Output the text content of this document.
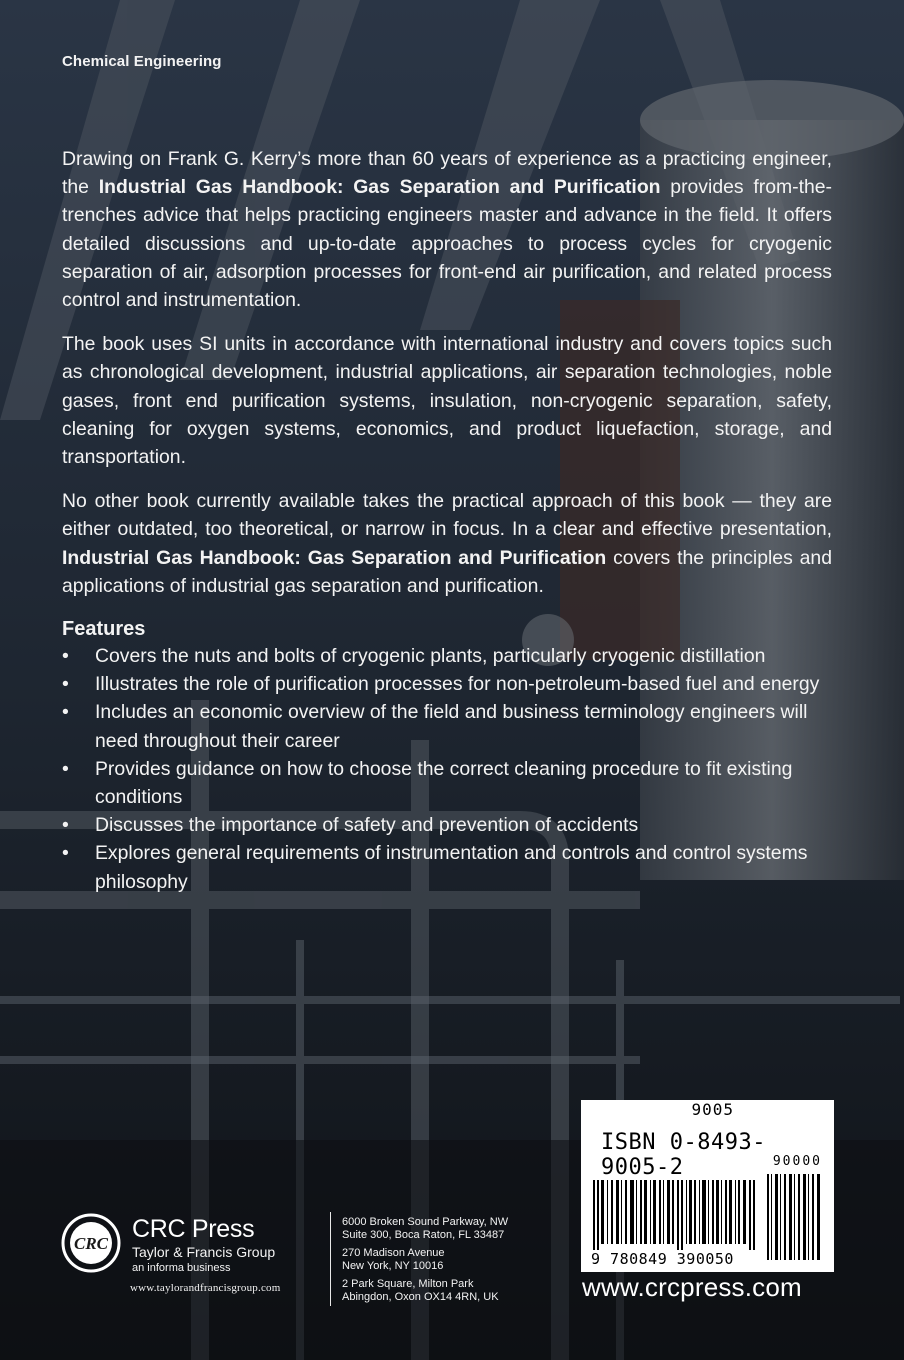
Chemical Engineering

Drawing on Frank G. Kerry’s more than 60 years of experience as a practicing engineer, the Industrial Gas Handbook: Gas Separation and Purification provides from-the-trenches advice that helps practicing engineers master and advance in the field. It offers detailed discussions and up-to-date approaches to process cycles for cryogenic separation of air, adsorption processes for front-end air purification, and related process control and instrumentation.

The book uses SI units in accordance with international industry and covers topics such as chronological development, industrial applications, air separation technologies, noble gases, front end purification systems, insulation, non-cryogenic separation, safety, cleaning for oxygen systems, economics, and product liquefaction, storage, and transportation.

No other book currently available takes the practical approach of this book — they are either outdated, too theoretical, or narrow in focus. In a clear and effective presentation, Industrial Gas Handbook: Gas Separation and Purification covers the principles and applications of industrial gas separation and purification.

Features
• Covers the nuts and bolts of cryogenic plants, particularly cryogenic distillation
• Illustrates the role of purification processes for non-petroleum-based fuel and energy
• Includes an economic overview of the field and business terminology engineers will need throughout their career
• Provides guidance on how to choose the correct cleaning procedure to fit existing conditions
• Discusses the importance of safety and prevention of accidents
• Explores general requirements of instrumentation and controls and control systems philosophy
9005
ISBN 0-8493-9005-2	90000
9 780849 390050
www.crcpress.com
CRC
CRC Press
Taylor & Francis Group
an informa business
www.taylorandfrancisgroup.com
6000 Broken Sound Parkway, NW
Suite 300, Boca Raton, FL 33487
270 Madison Avenue
New York, NY 10016
2 Park Square, Milton Park
Abingdon, Oxon OX14 4RN, UK
